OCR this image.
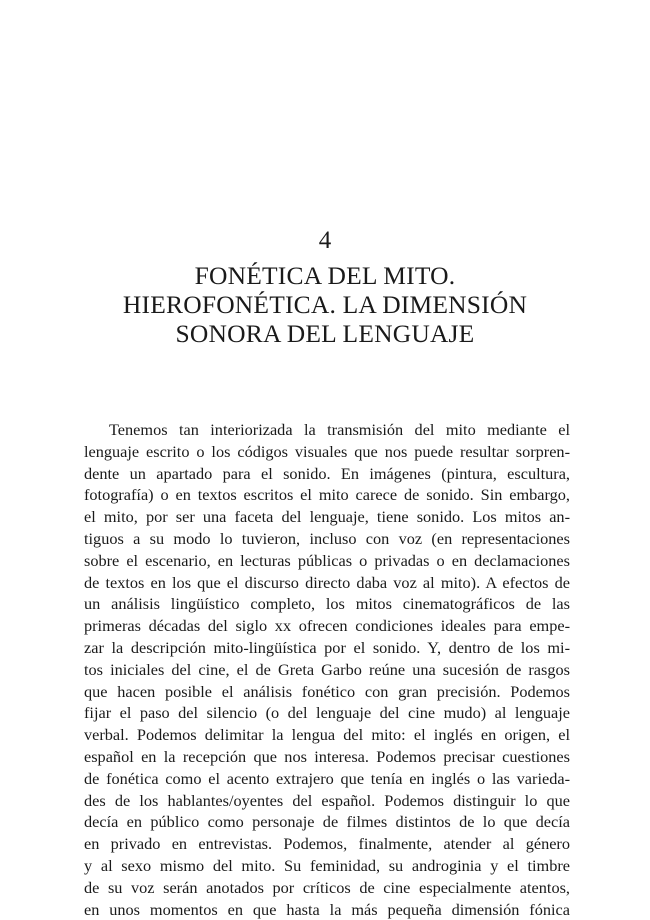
4
FONÉTICA DEL MITO.
HIEROFONÉTICA. LA DIMENSIÓN
SONORA DEL LENGUAJE
Tenemos tan interiorizada la transmisión del mito mediante el
lenguaje escrito o los códigos visuales que nos puede resultar sorpren-
dente un apartado para el sonido. En imágenes (pintura, escultura,
fotografía) o en textos escritos el mito carece de sonido. Sin embargo,
el mito, por ser una faceta del lenguaje, tiene sonido. Los mitos an-
tiguos a su modo lo tuvieron, incluso con voz (en representaciones
sobre el escenario, en lecturas públicas o privadas o en declamaciones
de textos en los que el discurso directo daba voz al mito). A efectos de
un análisis lingüístico completo, los mitos cinematográficos de las
primeras décadas del siglo xx ofrecen condiciones ideales para empe-
zar la descripción mito-lingüística por el sonido. Y, dentro de los mi-
tos iniciales del cine, el de Greta Garbo reúne una sucesión de rasgos
que hacen posible el análisis fonético con gran precisión. Podemos
fijar el paso del silencio (o del lenguaje del cine mudo) al lenguaje
verbal. Podemos delimitar la lengua del mito: el inglés en origen, el
español en la recepción que nos interesa. Podemos precisar cuestiones
de fonética como el acento extrajero que tenía en inglés o las varieda-
des de los hablantes/oyentes del español. Podemos distinguir lo que
decía en público como personaje de filmes distintos de lo que decía
en privado en entrevistas. Podemos, finalmente, atender al género
y al sexo mismo del mito. Su feminidad, su androginia y el timbre
de su voz serán anotados por críticos de cine especialmente atentos,
en unos momentos en que hasta la más pequeña dimensión fónica
